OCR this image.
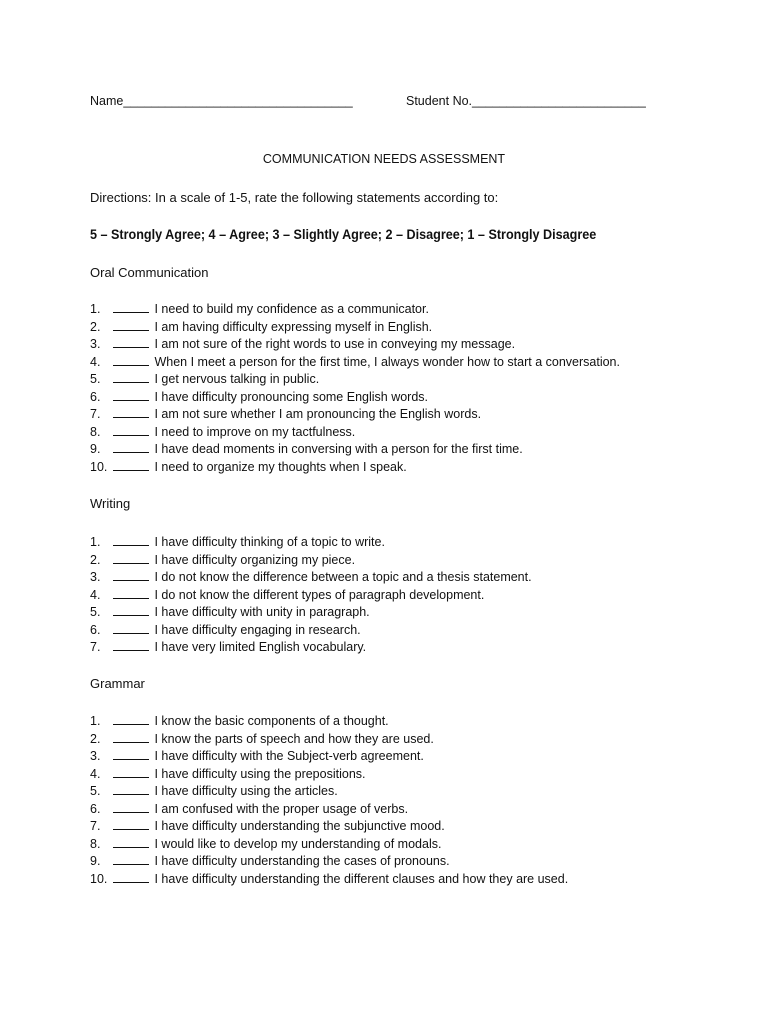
Name_________________________________	Student No._________________________
COMMUNICATION NEEDS ASSESSMENT
Directions: In a scale of 1-5, rate the following statements according to:
5 – Strongly Agree; 4 – Agree; 3 – Slightly Agree; 2 – Disagree; 1 – Strongly Disagree
Oral Communication
1.	I need to build my confidence as a communicator.
2.	I am having difficulty expressing myself in English.
3.	I am not sure of the right words to use in conveying my message.
4.	When I meet a person for the first time, I always wonder how to start a conversation.
5.	I get nervous talking in public.
6.	I have difficulty pronouncing some English words.
7.	I am not sure whether I am pronouncing the English words.
8.	I need to improve on my tactfulness.
9.	I have dead moments in conversing with a person for the first time.
10.	I need to organize my thoughts when I speak.
Writing
1.	I have difficulty thinking of a topic to write.
2.	I have difficulty organizing my piece.
3.	I do not know the difference between a topic and a thesis statement.
4.	I do not know the different types of paragraph development.
5.	I have difficulty with unity in paragraph.
6.	I have difficulty engaging in research.
7.	I have very limited English vocabulary.
Grammar
1.	I know the basic components of a thought.
2.	I know the parts of speech and how they are used.
3.	I have difficulty with the Subject-verb agreement.
4.	I have difficulty using the prepositions.
5.	I have difficulty using the articles.
6.	I am confused with the proper usage of verbs.
7.	I have difficulty understanding the subjunctive mood.
8.	I would like to develop my understanding of modals.
9.	I have difficulty understanding the cases of pronouns.
10.	I have difficulty understanding the different clauses and how they are used.
